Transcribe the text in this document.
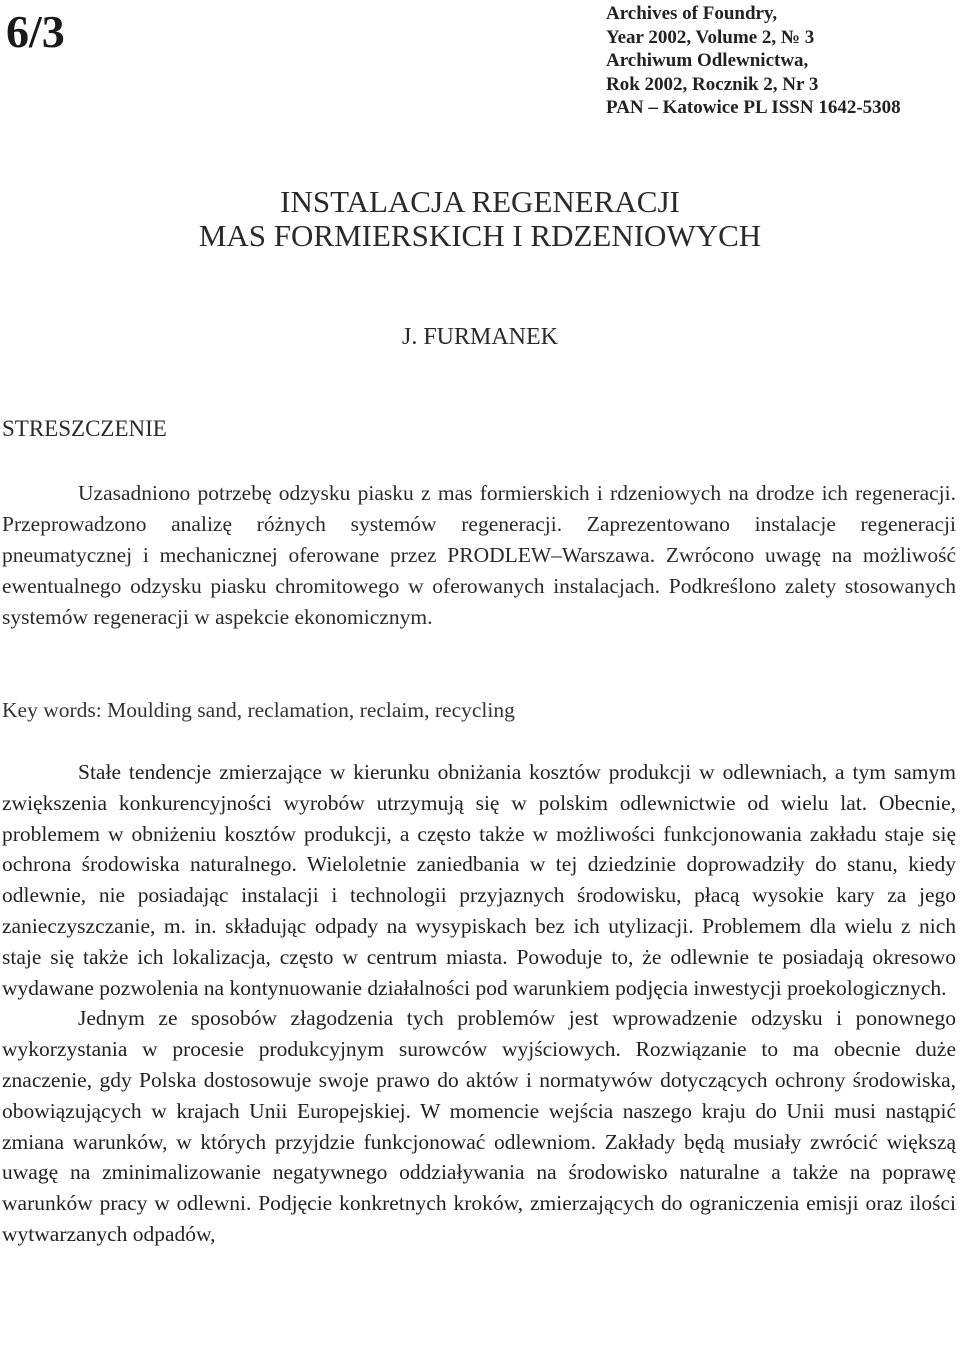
6/3	Archives of Foundry,
Year 2002, Volume 2, № 3
Archiwum Odlewnictwa,
Rok 2002, Rocznik 2, Nr 3
PAN – Katowice PL ISSN 1642-5308
INSTALACJA REGENERACJI
MAS FORMIERSKICH I RDZENIOWYCH
J. FURMANEK
STRESZCZENIE

Uzasadniono potrzebę odzysku piasku z mas formierskich i rdzeniowych na drodze ich regeneracji. Przeprowadzono analizę różnych systemów regeneracji. Zaprezentowano instalacje regeneracji pneumatycznej i mechanicznej oferowane przez PRODLEW–Warszawa. Zwrócono uwagę na możliwość ewentualnego odzysku piasku chromitowego w oferowanych instalacjach. Podkreślono zalety stosowanych systemów regeneracji w aspekcie ekonomicznym.

Key words: Moulding sand, reclamation, reclaim, recycling

Stałe tendencje zmierzające w kierunku obniżania kosztów produkcji w odlewniach, a tym samym zwiększenia konkurencyjności wyrobów utrzymują się w polskim odlewnictwie od wielu lat. Obecnie, problemem w obniżeniu kosztów produkcji, a często także w możliwości funkcjonowania zakładu staje się ochrona środowiska naturalnego. Wieloletnie zaniedbania w tej dziedzinie doprowadziły do stanu, kiedy odlewnie, nie posiadając instalacji i technologii przyjaznych środowisku, płacą wysokie kary za jego zanieczyszczanie, m. in. składując odpady na wysypiskach bez ich utylizacji. Problemem dla wielu z nich staje się także ich lokalizacja, często w centrum miasta. Powoduje to, że odlewnie te posiadają okresowo wydawane pozwolenia na kontynuowanie działalności pod warunkiem podjęcia inwestycji proekologicznych.

Jednym ze sposobów złagodzenia tych problemów jest wprowadzenie odzysku i ponownego wykorzystania w procesie produkcyjnym surowców wyjściowych. Rozwiązanie to ma obecnie duże znaczenie, gdy Polska dostosowuje swoje prawo do aktów i normatywów dotyczących ochrony środowiska, obowiązujących w krajach Unii Europejskiej. W momencie wejścia naszego kraju do Unii musi nastąpić zmiana warunków, w których przyjdzie funkcjonować odlewniom. Zakłady będą musiały zwrócić większą uwagę na zminimalizowanie negatywnego oddziaływania na środowisko naturalne a także na poprawę warunków pracy w odlewni. Podjęcie konkretnych kroków, zmierzających do ograniczenia emisji oraz ilości wytwarzanych odpadów,
